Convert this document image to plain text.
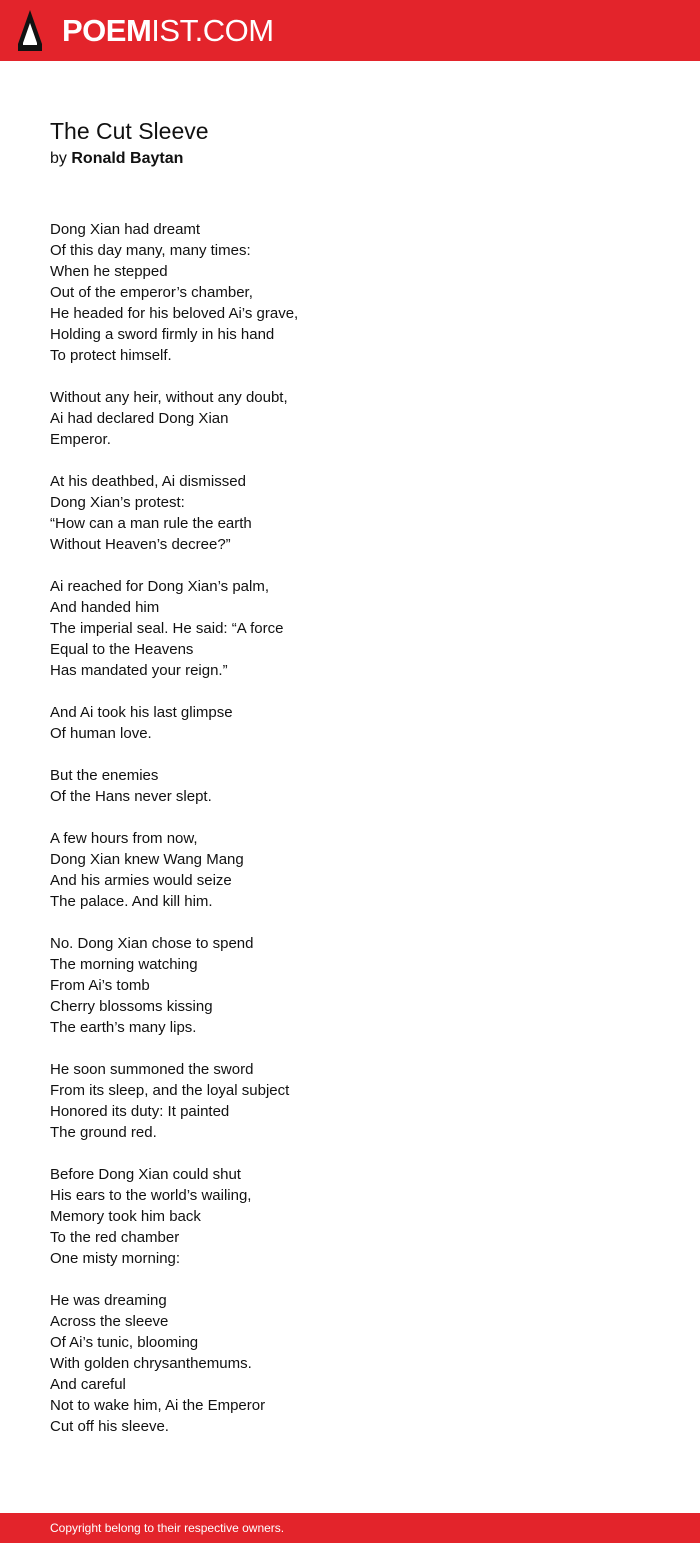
POEMIST.COM
The Cut Sleeve
by Ronald Baytan
Dong Xian had dreamt
Of this day many, many times:
When he stepped
Out of the emperor’s chamber,
He headed for his beloved Ai’s grave,
Holding a sword firmly in his hand
To protect himself.
Without any heir, without any doubt,
Ai had declared Dong Xian
Emperor.
At his deathbed, Ai dismissed
Dong Xian’s protest:
“How can a man rule the earth
Without Heaven’s decree?”
Ai reached for Dong Xian’s palm,
And handed him
The imperial seal. He said: “A force
Equal to the Heavens
Has mandated your reign.”
And Ai took his last glimpse
Of human love.
But the enemies
Of the Hans never slept.
A few hours from now,
Dong Xian knew Wang Mang
And his armies would seize
The palace. And kill him.
No. Dong Xian chose to spend
The morning watching
From Ai’s tomb
Cherry blossoms kissing
The earth’s many lips.
He soon summoned the sword
From its sleep, and the loyal subject
Honored its duty: It painted
The ground red.
Before Dong Xian could shut
His ears to the world’s wailing,
Memory took him back
To the red chamber
One misty morning:
He was dreaming
Across the sleeve
Of Ai’s tunic, blooming
With golden chrysanthemums.
And careful
Not to wake him, Ai the Emperor
Cut off his sleeve.
Copyright belong to their respective owners.
